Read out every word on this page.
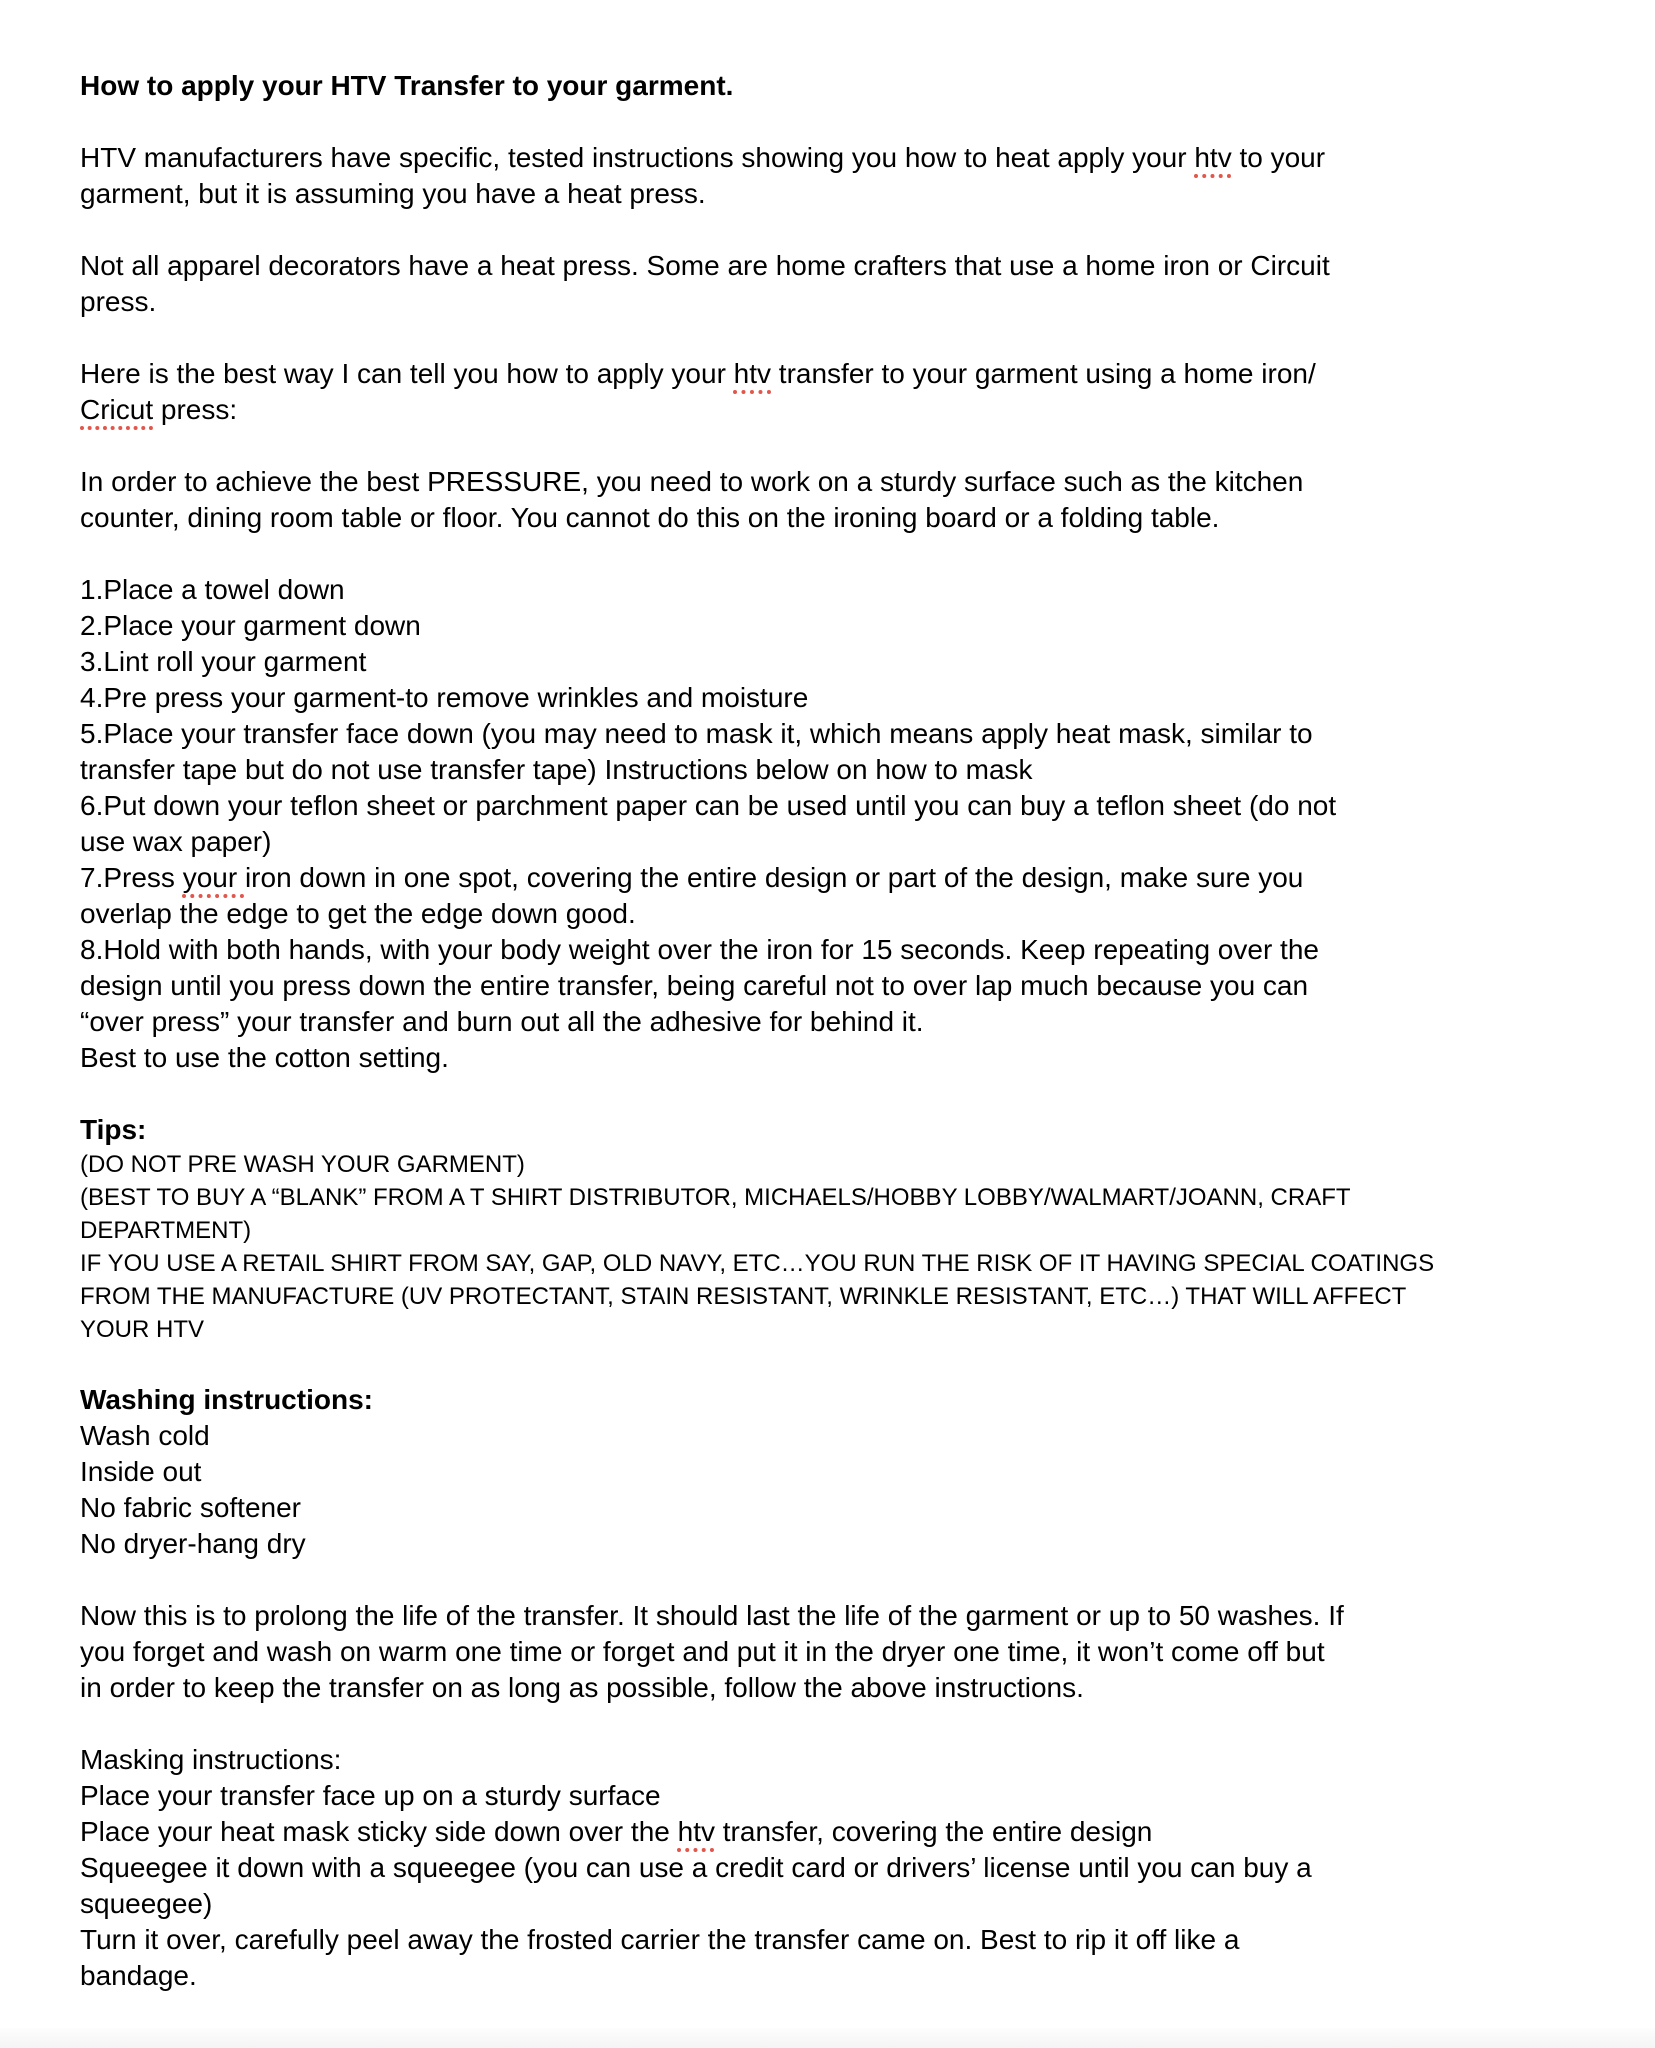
How to apply your HTV Transfer to your garment.
HTV manufacturers have specific, tested instructions showing you how to heat apply your htv to your
garment, but it is assuming you have a heat press.
Not all apparel decorators have a heat press. Some are home crafters that use a home iron or Circuit
press.
Here is the best way I can tell you how to apply your htv transfer to your garment using a home iron/
Cricut press:
In order to achieve the best PRESSURE, you need to work on a sturdy surface such as the kitchen
counter, dining room table or floor. You cannot do this on the ironing board or a folding table.
1.Place a towel down
2.Place your garment down
3.Lint roll your garment
4.Pre press your garment-to remove wrinkles and moisture
5.Place your transfer face down (you may need to mask it, which means apply heat mask, similar to
transfer tape but do not use transfer tape) Instructions below on how to mask
6.Put down your teflon sheet or parchment paper can be used until you can buy a teflon sheet (do not
use wax paper)
7.Press your iron down in one spot, covering the entire design or part of the design, make sure you
overlap the edge to get the edge down good.
8.Hold with both hands, with your body weight over the iron for 15 seconds. Keep repeating over the
design until you press down the entire transfer, being careful not to over lap much because you can
“over press” your transfer and burn out all the adhesive for behind it.
Best to use the cotton setting.
Tips:
(DO NOT PRE WASH YOUR GARMENT)
(BEST TO BUY A “BLANK” FROM A T SHIRT DISTRIBUTOR, MICHAELS/HOBBY LOBBY/WALMART/JOANN, CRAFT
DEPARTMENT)
IF YOU USE A RETAIL SHIRT FROM SAY, GAP, OLD NAVY, ETC…YOU RUN THE RISK OF IT HAVING SPECIAL COATINGS
FROM THE MANUFACTURE (UV PROTECTANT, STAIN RESISTANT, WRINKLE RESISTANT, ETC…) THAT WILL AFFECT
YOUR HTV
Washing instructions:
Wash cold
Inside out
No fabric softener
No dryer-hang dry
Now this is to prolong the life of the transfer. It should last the life of the garment or up to 50 washes. If
you forget and wash on warm one time or forget and put it in the dryer one time, it won’t come off but
in order to keep the transfer on as long as possible, follow the above instructions.
Masking instructions:
Place your transfer face up on a sturdy surface
Place your heat mask sticky side down over the htv transfer, covering the entire design
Squeegee it down with a squeegee (you can use a credit card or drivers’ license until you can buy a
squeegee)
Turn it over, carefully peel away the frosted carrier the transfer came on. Best to rip it off like a
bandage.
